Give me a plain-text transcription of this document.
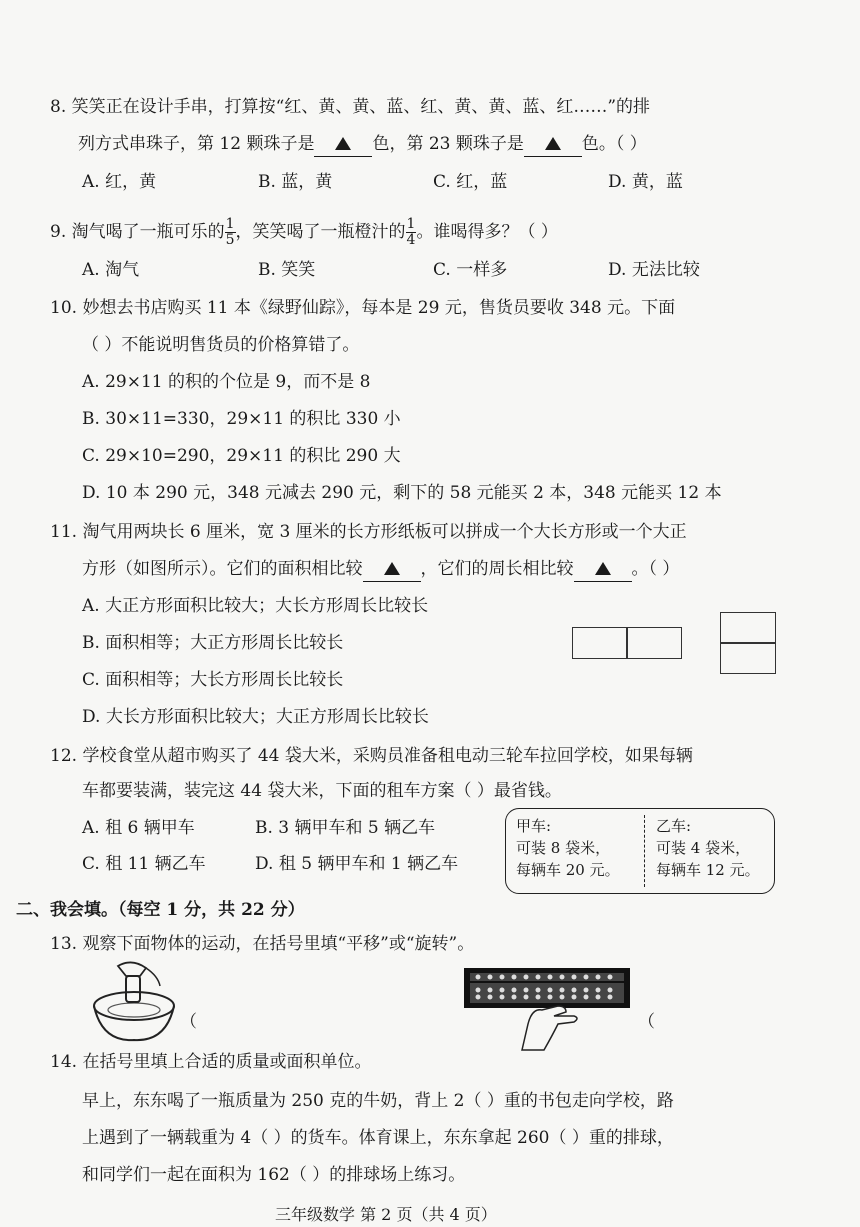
8. 笑笑正在设计手串，打算按“红、黄、黄、蓝、红、黄、黄、蓝、红……”的排
列方式串珠子，第 12 颗珠子是	色，第 23 颗珠子是	色。（ ）
A. 红，黄	B. 蓝，黄	C. 红，蓝	D. 黄，蓝
9. 淘气喝了一瓶可乐的 $\frac{1}{5}$ ，笑笑喝了一瓶橙汁的 $\frac{1}{4}$ 。谁喝得多？（ ）
A. 淘气	B. 笑笑	C. 一样多	D. 无法比较
10. 妙想去书店购买 11 本《绿野仙踪》，每本是 29 元，售货员要收 348 元。下面
（ ）不能说明售货员的价格算错了。
A. 29×11 的积的个位是 9，而不是 8
B. 30×11=330，29×11 的积比 330 小
C. 29×10=290，29×11 的积比 290 大
D. 10 本 290 元，348 元减去 290 元，剩下的 58 元能买 2 本，348 元能买 12 本
11. 淘气用两块长 6 厘米，宽 3 厘米的长方形纸板可以拼成一个大长方形或一个大正
方形（如图所示）。它们的面积相比较	，它们的周长相比较	。（ ）
A. 大正方形面积比较大；大长方形周长比较长
B. 面积相等；大正方形周长比较长
C. 面积相等；大长方形周长比较长
D. 大长方形面积比较大；大正方形周长比较长
12. 学校食堂从超市购买了 44 袋大米，采购员准备租电动三轮车拉回学校，如果每辆
车都要装满，装完这 44 袋大米，下面的租车方案（ ）最省钱。
A. 租 6 辆甲车	B. 3 辆甲车和 5 辆乙车
C. 租 11 辆乙车	D. 租 5 辆甲车和 1 辆乙车
甲车:
可装 8 袋米，
每辆车 20 元。
乙车:
可装 4 袋米，
每辆车 12 元。
二、我会填。（每空 1 分，共 22 分）
13. 观察下面物体的运动，在括号里填“平移”或“旋转”。
（	（
14. 在括号里填上合适的质量或面积单位。
早上，东东喝了一瓶质量为 250 克的牛奶，背上 2（ ）重的书包走向学校，路
上遇到了一辆载重为 4（ ）的货车。体育课上，东东拿起 260（ ）重的排球，
和同学们一起在面积为 162（ ）的排球场上练习。
三年级数学 第 2 页（共 4 页）
